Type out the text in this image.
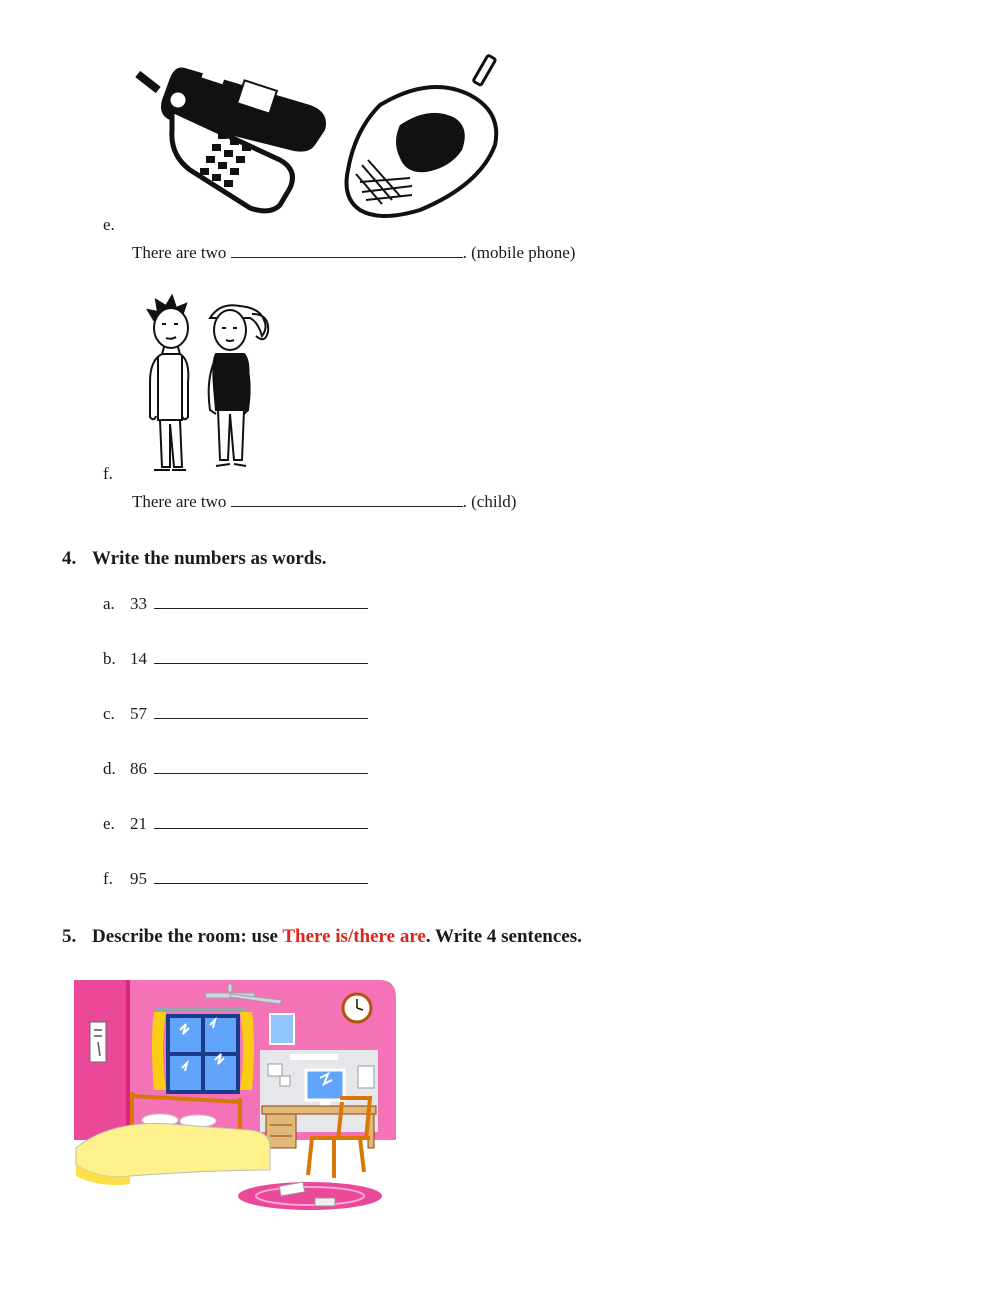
e.
There are two	. (mobile phone)
f.
There are two	. (child)
4. Write the numbers as words.
a. 33
b. 14
c. 57
d. 86
e. 21
f. 95
5. Describe the room: use There is/there are. Write 4 sentences.
